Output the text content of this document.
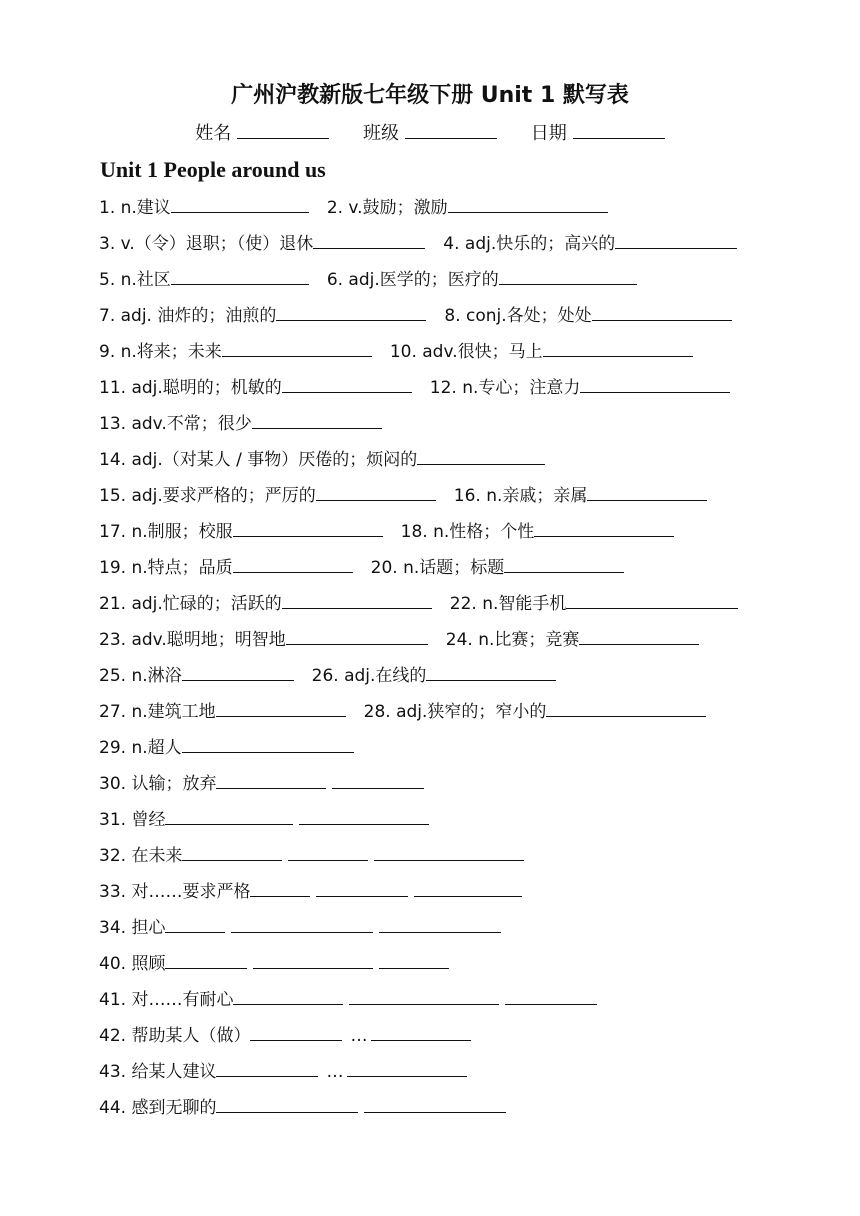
广州沪教新版七年级下册 Unit 1 默写表
姓名	班级	日期
Unit 1 People around us
1. n.建议	2. v.鼓励；激励
3. v.（令）退职；（使）退休	4. adj.快乐的；高兴的
5. n.社区	6. adj.医学的；医疗的
7. adj. 油炸的；油煎的	8. conj.各处；处处
9. n.将来；未来	10. adv.很快；马上
11. adj.聪明的；机敏的	12. n.专心；注意力
13. adv.不常；很少
14. adj.（对某人 / 事物）厌倦的；烦闷的
15. adj.要求严格的；严厉的	16. n.亲戚；亲属
17. n.制服；校服	18. n.性格；个性
19. n.特点；品质	20. n.话题；标题
21. adj.忙碌的；活跃的	22. n.智能手机
23. adv.聪明地；明智地	24. n.比赛；竞赛
25. n.淋浴	26. adj.在线的
27. n.建筑工地	28. adj.狭窄的；窄小的
29. n.超人
30. 认输；放弃
31. 曾经
32. 在未来
33. 对……要求严格
34. 担心
40. 照顾
41. 对……有耐心
42. 帮助某人（做）	…
43. 给某人建议	…
44. 感到无聊的
